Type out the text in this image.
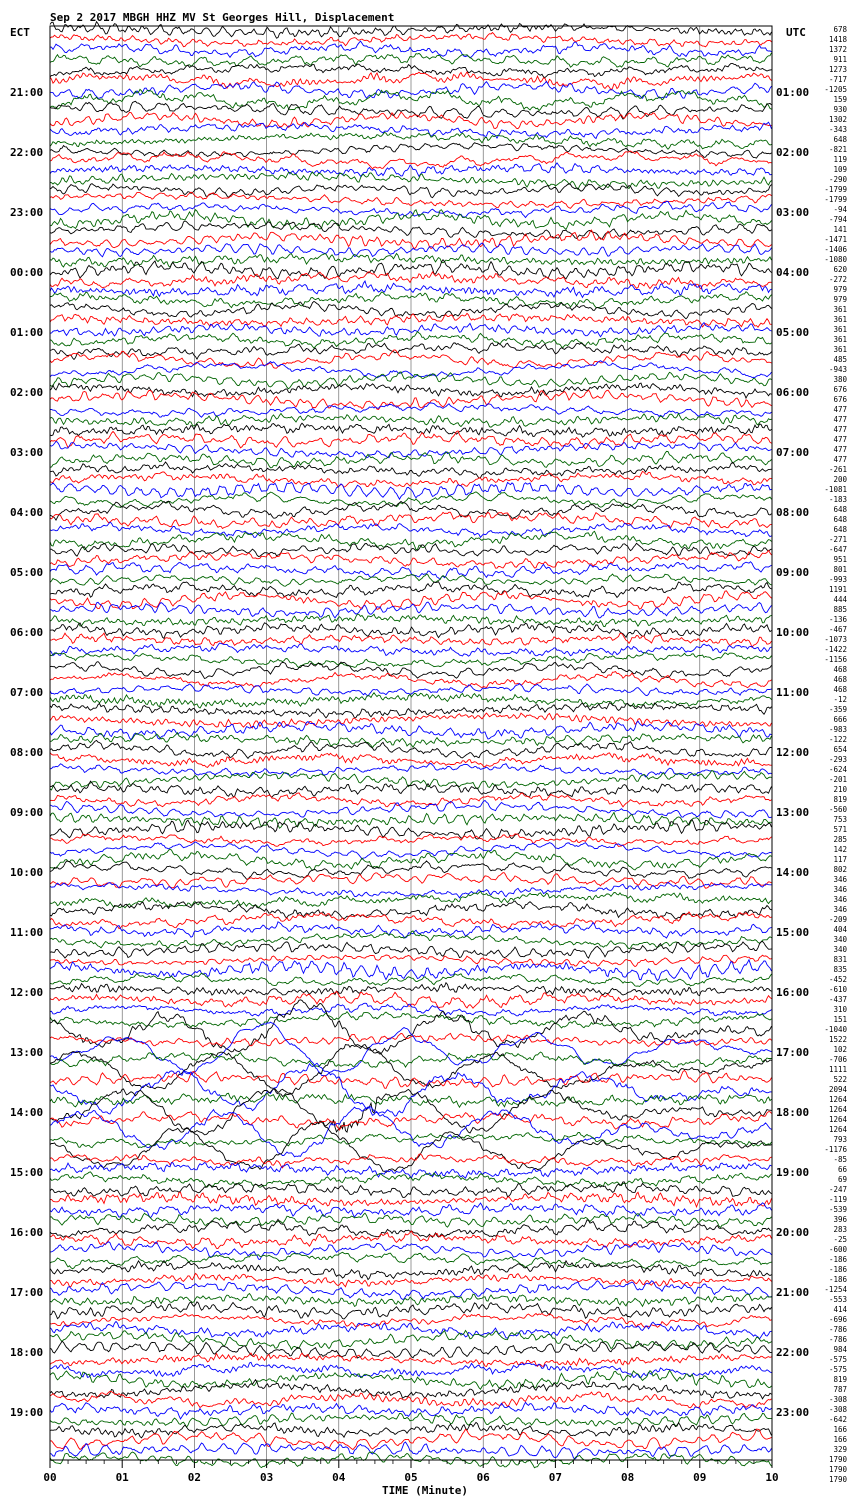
Sep 2 2017 MBGH HHZ MV St Georges Hill, Displacement
ECT	UTC
21:00
22:00
23:00
00:00
01:00
02:00
03:00
04:00
05:00
06:00
07:00
08:00
09:00
10:00
11:00
12:00
13:00
14:00
15:00
16:00
17:00
18:00
19:00
01:00
02:00
03:00
04:00
05:00
06:00
07:00
08:00
09:00
10:00
11:00
12:00
13:00
14:00
15:00
16:00
17:00
18:00
19:00
20:00
21:00
22:00
23:00
678
1418
1372
911
1273
-717
-1205
159
930
1302
-343
648
-821
119
109
-290
-1799
-1799
-94
-794
141
-1471
-1406
-1080
620
-272
979
979
361
361
361
361
361
485
-943
380
676
676
477
477
477
477
477
477
-261
200
-1081
-183
648
648
648
-271
-647
951
801
-993
1191
444
885
-136
-467
-1073
-1422
-1156
468
468
468
-12
-359
666
-983
-122
654
-293
-624
-201
210
819
-560
753
571
285
142
117
802
346
346
346
346
-209
404
340
340
831
835
-452
-610
-437
310
151
-1040
1522
102
-706
1111
522
2094
1264
1264
1264
1264
793
-1176
-85
66
69
-247
-119
-539
396
283
-25
-600
-186
-186
-186
-1254
-553
414
-696
-786
-786
984
-575
-575
819
787
-308
-308
-642
166
166
329
1790
1790
1790
00	01	02	03	04	05	06	07	08	09	10
TIME (Minute)
